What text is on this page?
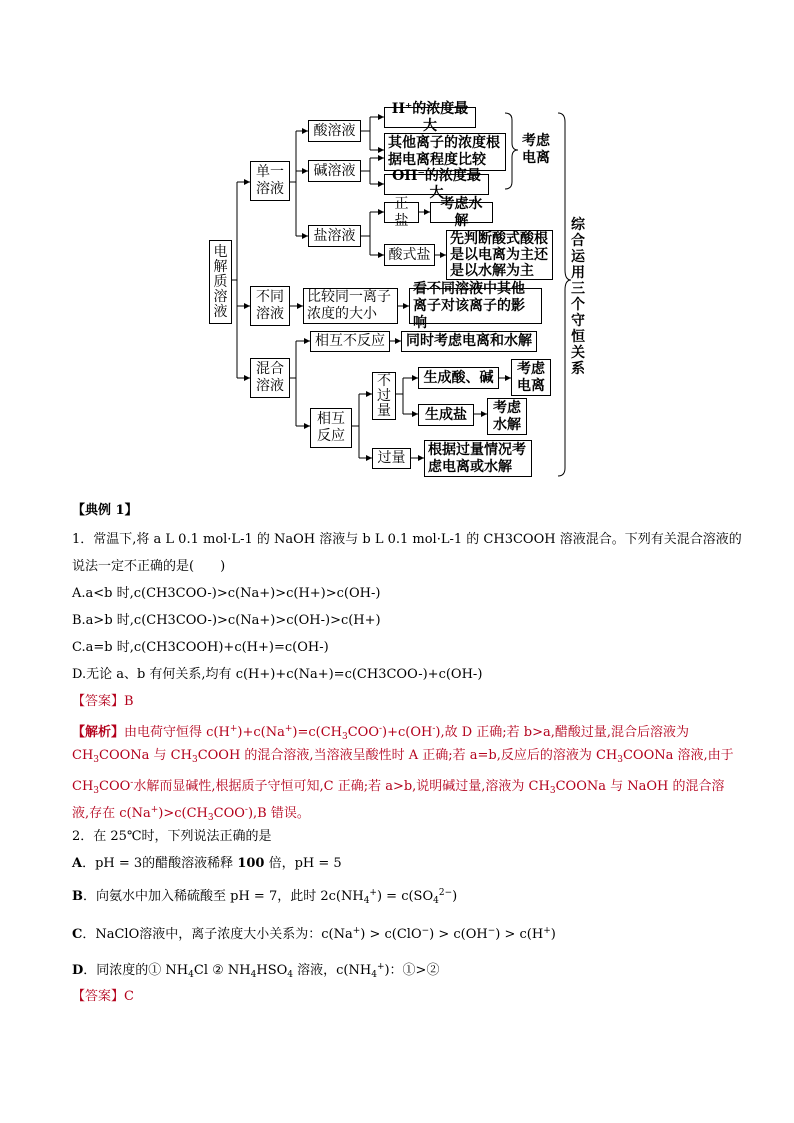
电解质溶液
单一溶液
酸溶液
碱溶液
盐溶液
H⁺的浓度最大
其他离子的浓度根据电离程度比较
OH⁻的浓度最大
考虑电离
正盐
考虑水解
酸式盐
先判断酸式酸根是以电离为主还是以水解为主
不同溶液
比较同一离子浓度的大小
看不同溶液中其他离子对该离子的影响
混合溶液
相互不反应 同时考虑电离和水解
相互反应
不过量
生成酸、碱
考虑电离
生成盐 考虑水解
过量
根据过量情况考虑电离或水解
综合运用三个守恒关系
【典例 1】
1．常温下,将 a L 0.1 mol·L-1 的 NaOH 溶液与 b L 0.1 mol·L-1 的 CH3COOH 溶液混合。下列有关混合溶液的
说法一定不正确的是(　　)
A.a<b 时,c(CH3COO-)>c(Na+)>c(H+)>c(OH-)
B.a>b 时,c(CH3COO-)>c(Na+)>c(OH-)>c(H+)
C.a=b 时,c(CH3COOH)+c(H+)=c(OH-)
D.无论 a、b 有何关系,均有 c(H+)+c(Na+)=c(CH3COO-)+c(OH-)
【答案】B
【解析】由电荷守恒得 $c(H^+)+c(Na^+)=c(CH_3COO^-)+c(OH^-)$,故 D 正确;若 b>a,醋酸过量,混合后溶液为
$CH_3COONa$ 与 $CH_3COOH$ 的混合溶液,当溶液呈酸性时 A 正确;若 a=b,反应后的溶液为 $CH_3COONa$ 溶液,由于
$CH_3COO^-$水解而显碱性,根据质子守恒可知,C 正确;若 a>b,说明碱过量,溶液为 $CH_3COONa$ 与 NaOH 的混合溶
液,存在 $c(Na^+)>c(CH_3COO^-),B$ 错误。
2．在 25℃时，下列说法正确的是
A．pH = 3的醋酸溶液稀释 100 倍，pH = 5
B．向氨水中加入稀硫酸至 pH = 7，此时 $2c(NH_4^+) = c(SO_4^{2-})$
C．NaClO溶液中，离子浓度大小关系为：c(Na+) > c(ClO−) > c(OH−) > c(H+)
D．同浓度的① $NH_4Cl$ ② $NH_4HSO_4$ 溶液，$c(NH_4^+)$：①>②
【答案】C
